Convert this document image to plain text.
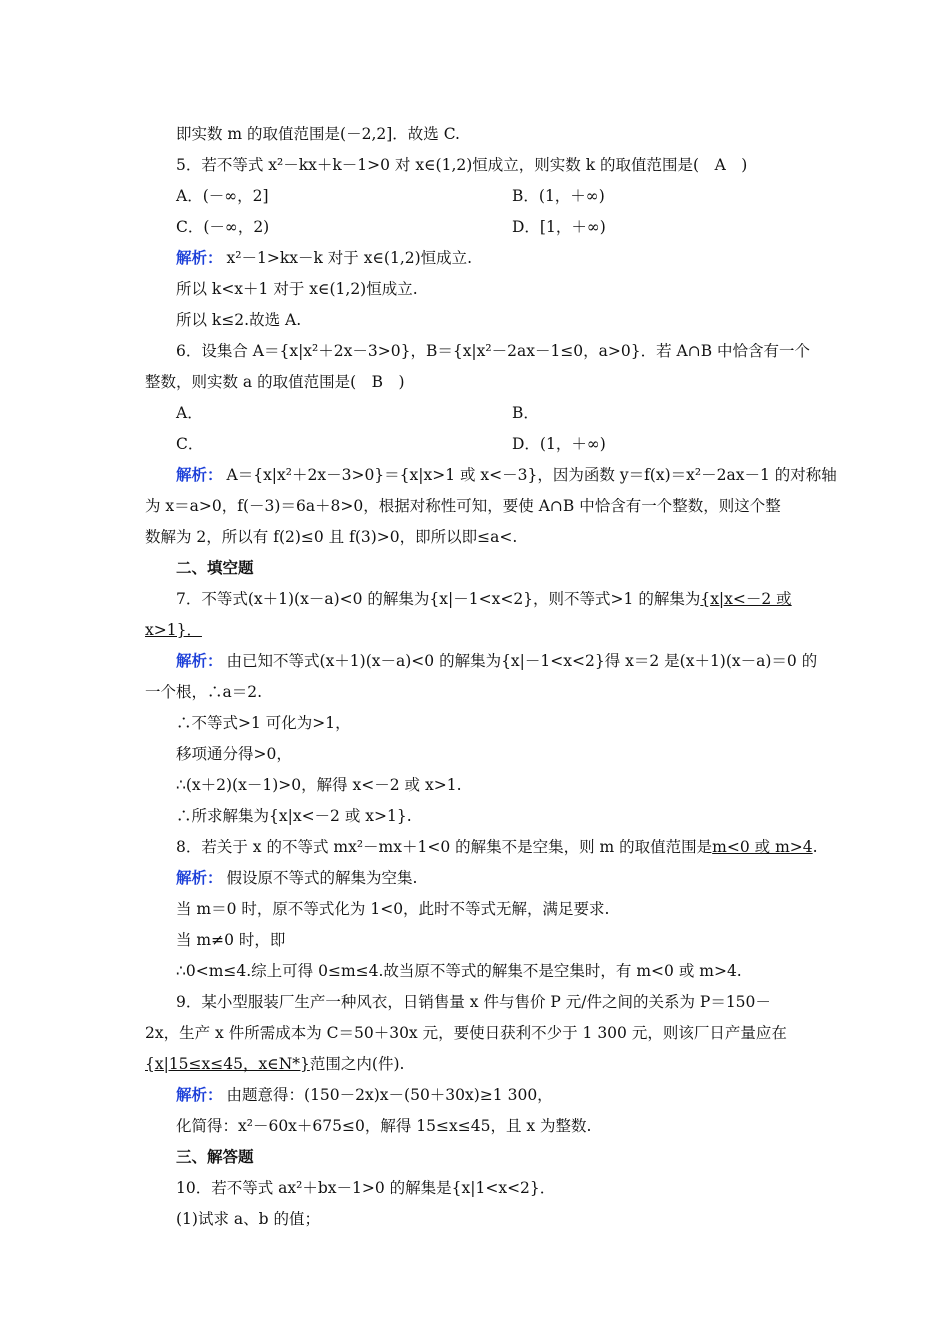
即实数 m 的取值范围是(－2,2]．故选 C.
5．若不等式 x²－kx＋k－1>0 对 x∈(1,2)恒成立，则实数 k 的取值范围是(　A　)
A．(－∞，2]	B．(1，＋∞)
C．(－∞，2)	D．[1，＋∞)
解析： x²－1>kx－k 对于 x∈(1,2)恒成立.
所以 k<x＋1 对于 x∈(1,2)恒成立.
所以 k≤2.故选 A.
6．设集合 A＝{x|x²＋2x－3>0}，B＝{x|x²－2ax－1≤0，a>0}．若 A∩B 中恰含有一个
整数，则实数 a 的取值范围是(　B　)
A．	B．
C．	D．(1，＋∞)
解析： A＝{x|x²＋2x－3>0}＝{x|x>1 或 x<－3}，因为函数 y＝f(x)＝x²－2ax－1 的对称轴
为 x＝a>0，f(－3)＝6a＋8>0，根据对称性可知，要使 A∩B 中恰含有一个整数，则这个整
数解为 2，所以有 f(2)≤0 且 f(3)>0，即所以即≤a<.
二、填空题
7．不等式(x＋1)(x－a)<0 的解集为{x|－1<x<2}，则不等式>1 的解集为{x|x<－2 或
x>1}．
解析： 由已知不等式(x＋1)(x－a)<0 的解集为{x|－1<x<2}得 x＝2 是(x＋1)(x－a)＝0 的
一个根，∴a＝2.
∴不等式>1 可化为>1，
移项通分得>0，
∴(x＋2)(x－1)>0，解得 x<－2 或 x>1.
∴所求解集为{x|x<－2 或 x>1}.
8．若关于 x 的不等式 mx²－mx＋1<0 的解集不是空集，则 m 的取值范围是m<0 或 m>4.
解析： 假设原不等式的解集为空集.
当 m＝0 时，原不等式化为 1<0，此时不等式无解，满足要求.
当 m≠0 时，即
∴0<m≤4.综上可得 0≤m≤4.故当原不等式的解集不是空集时，有 m<0 或 m>4.
9．某小型服装厂生产一种风衣，日销售量 x 件与售价 P 元/件之间的关系为 P＝150－
2x，生产 x 件所需成本为 C＝50＋30x 元，要使日获利不少于 1 300 元，则该厂日产量应在
{x|15≤x≤45，x∈N*}范围之内(件).
解析： 由题意得：(150－2x)x－(50＋30x)≥1 300，
化简得：x²－60x＋675≤0，解得 15≤x≤45，且 x 为整数.
三、解答题
10．若不等式 ax²＋bx－1>0 的解集是{x|1<x<2}．
(1)试求 a、b 的值；
